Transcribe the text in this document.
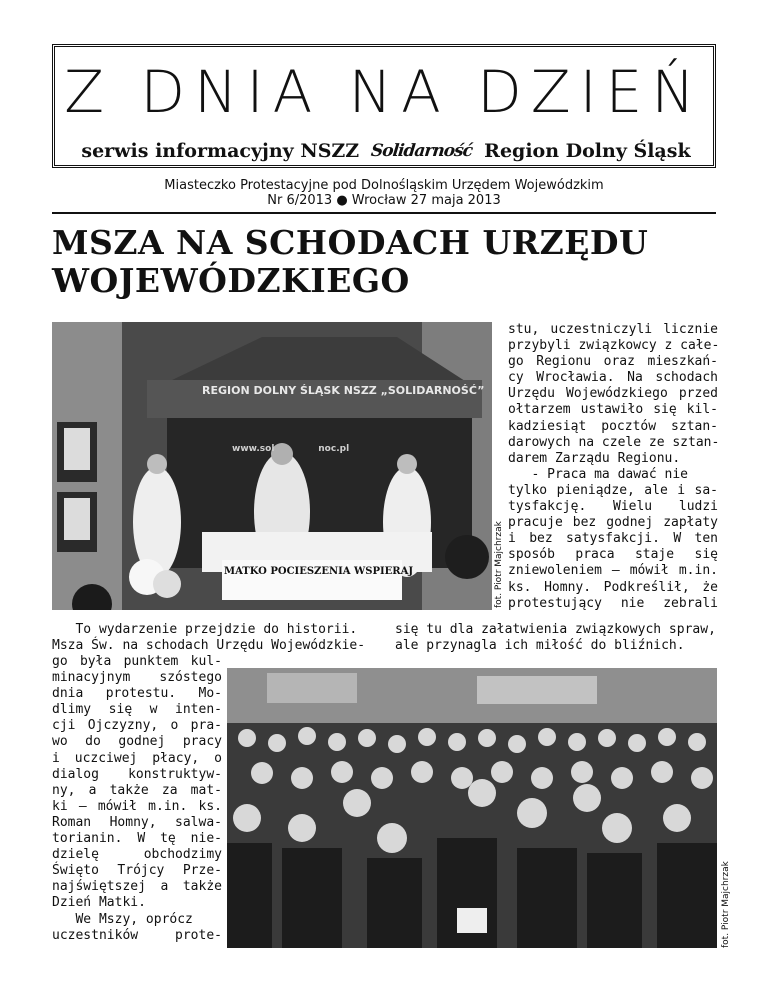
Z DNIA NA DZIEŃ
serwis informacyjny NSZZ Solidarność Region Dolny Śląsk
Miasteczko Protestacyjne pod Dolnośląskim Urzędem Wojewódzkim
Nr 6/2013 ● Wrocław 27 maja 2013
MSZA NA SCHODACH URZĘDU
WOJEWÓDZKIEGO
REGION DOLNY ŚLĄSK NSZZ „SOLIDARNOŚĆ”
www.sol              noc.pl
MATKO POCIESZENIA WSPIERAJ	fot. Piotr Majchrzak
fot. Piotr Majchrzak
stu, uczestniczyli licznie
przybyli związkowcy z całe-
go Regionu oraz mieszkań-
cy Wrocławia. Na schodach
Urzędu Wojewódzkiego przed
ołtarzem ustawiło się kil-
kadziesiąt pocztów sztan-
darowych na czele ze sztan-
darem Zarządu Regionu.
- Praca ma dawać nie
tylko pieniądze, ale i sa-
tysfakcję. Wielu ludzi
pracuje bez godnej zapłaty
i bez satysfakcji. W ten
sposób praca staje się
zniewoleniem – mówił m.in.
ks. Homny. Podkreślił, że
protestujący nie zebrali
się tu dla załatwienia związkowych spraw,
ale przynagla ich miłość do bliźnich.
To wydarzenie przejdzie do historii.
Msza Św. na schodach Urzędu Wojewódzkie-
go była punktem kul-
minacyjnym szóstego
dnia protestu. Mo-
dlimy się w inten-
cji Ojczyzny, o pra-
wo do godnej pracy
i uczciwej płacy, o
dialog konstruktyw-
ny, a także za mat-
ki – mówił m.in. ks.
Roman Homny, salwa-
torianin. W tę nie-
dzielę obchodzimy
Święto Trójcy Prze-
najświętszej a także
Dzień Matki.
We Mszy, oprócz
uczestników prote-
